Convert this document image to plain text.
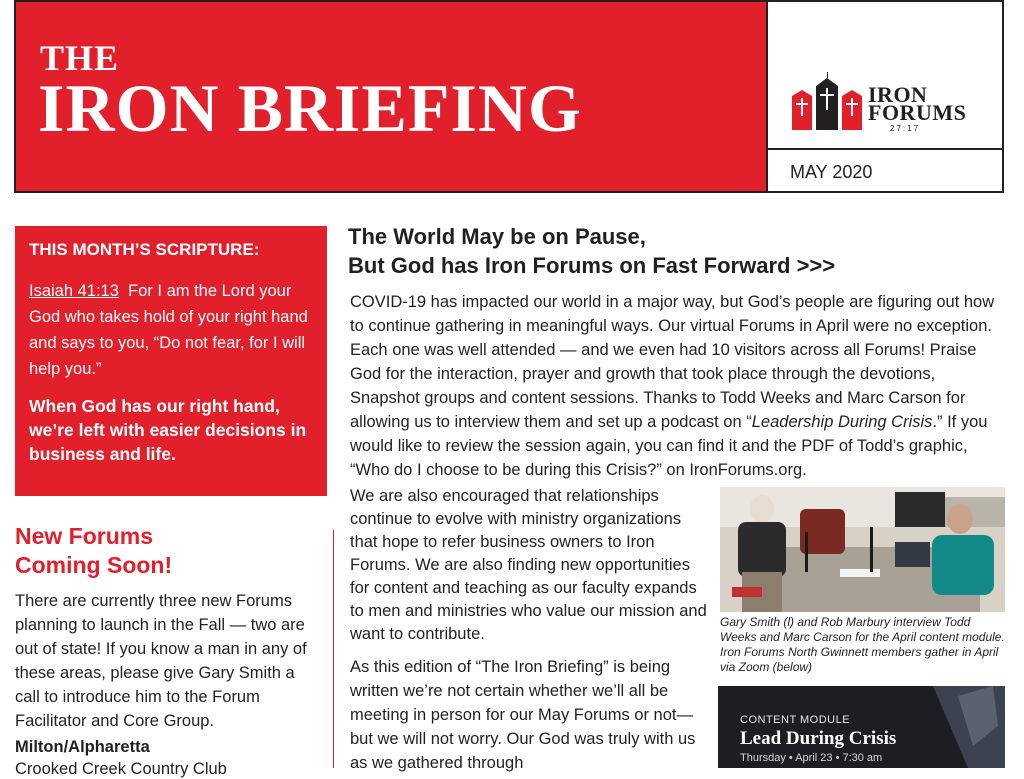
THE
IRON BRIEFING	IRON
FORUMS
27:17
MAY 2020
THIS MONTH’S SCRIPTURE:
Isaiah 41:13 For I am the Lord your God who takes hold of your right hand and says to you, “Do not fear, for I will help you.”
When God has our right hand, we’re left with easier decisions in business and life.
New Forums
Coming Soon!
There are currently three new Forums planning to launch in the Fall — two are out of state! If you know a man in any of these areas, please give Gary Smith a call to introduce him to the Forum Facilitator and Core Group.
Milton/Alpharetta
Crooked Creek Country Club
The World May be on Pause,
But God has Iron Forums on Fast Forward >>>
COVID-19 has impacted our world in a major way, but God’s people are figuring out how to continue gathering in meaningful ways. Our virtual Forums in April were no exception. Each one was well attended — and we even had 10 visitors across all Forums! Praise God for the interaction, prayer and growth that took place through the devotions, Snapshot groups and content sessions. Thanks to Todd Weeks and Marc Carson for allowing us to interview them and set up a podcast on “Leadership During Crisis.” If you would like to review the session again, you can find it and the PDF of Todd’s graphic, “Who do I choose to be during this Crisis?” on IronForums.org.
We are also encouraged that relationships continue to evolve with ministry organizations that hope to refer business owners to Iron Forums. We are also finding new opportunities for content and teaching as our faculty expands to men and ministries who value our mission and want to contribute.
As this edition of “The Iron Briefing” is being written we’re not certain whether we’ll all be meeting in person for our May Forums or not— but we will not worry. Our God was truly with us as we gathered through
Gary Smith (l) and Rob Marbury interview Todd Weeks and Marc Carson for the April content module. Iron Forums North Gwinnett members gather in April via Zoom (below)
CONTENT MODULE
Lead During Crisis
Thursday • April 23 • 7:30 am
